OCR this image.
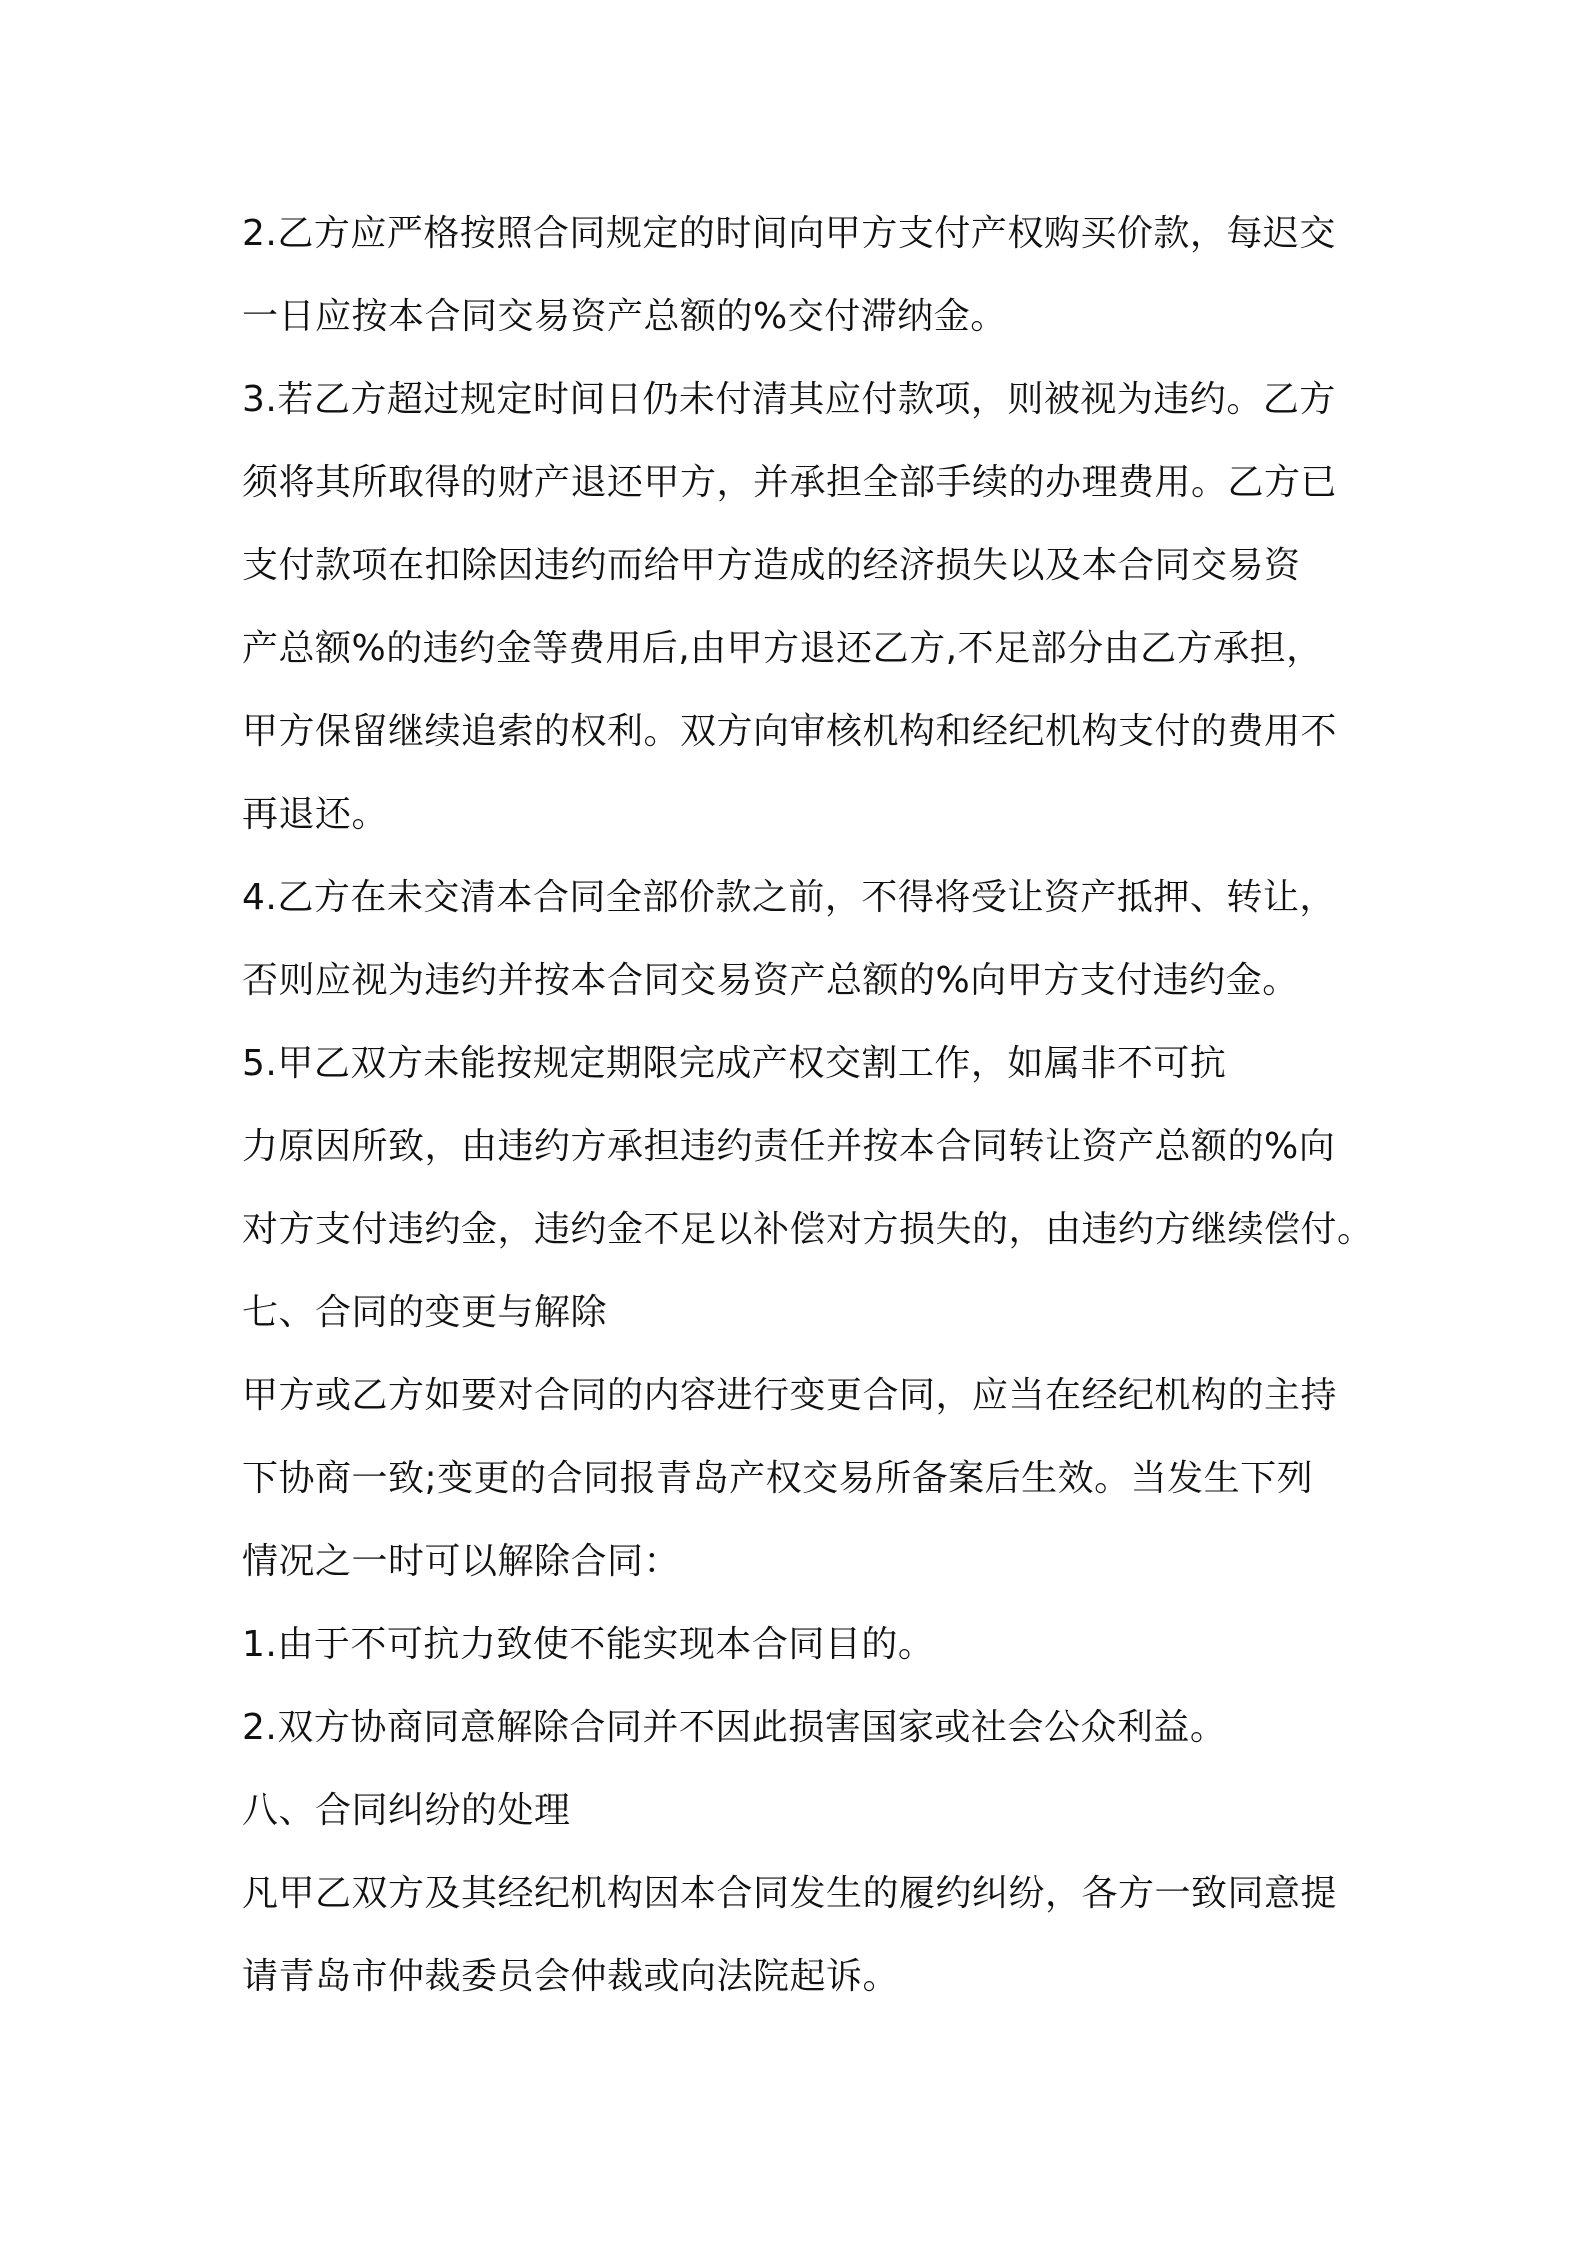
2.乙方应严格按照合同规定的时间向甲方支付产权购买价款，每迟交
一日应按本合同交易资产总额的%交付滞纳金。
3.若乙方超过规定时间日仍未付清其应付款项，则被视为违约。乙方
须将其所取得的财产退还甲方，并承担全部手续的办理费用。乙方已
支付款项在扣除因违约而给甲方造成的经济损失以及本合同交易资
产总额%的违约金等费用后,由甲方退还乙方,不足部分由乙方承担，
甲方保留继续追索的权利。双方向审核机构和经纪机构支付的费用不
再退还。
4.乙方在未交清本合同全部价款之前，不得将受让资产抵押、转让，
否则应视为违约并按本合同交易资产总额的%向甲方支付违约金。
5.甲乙双方未能按规定期限完成产权交割工作，如属非不可抗
力原因所致，由违约方承担违约责任并按本合同转让资产总额的%向
对方支付违约金，违约金不足以补偿对方损失的，由违约方继续偿付。
七、合同的变更与解除
甲方或乙方如要对合同的内容进行变更合同，应当在经纪机构的主持
下协商一致;变更的合同报青岛产权交易所备案后生效。当发生下列
情况之一时可以解除合同：
1.由于不可抗力致使不能实现本合同目的。
2.双方协商同意解除合同并不因此损害国家或社会公众利益。
八、合同纠纷的处理
凡甲乙双方及其经纪机构因本合同发生的履约纠纷，各方一致同意提
请青岛市仲裁委员会仲裁或向法院起诉。
